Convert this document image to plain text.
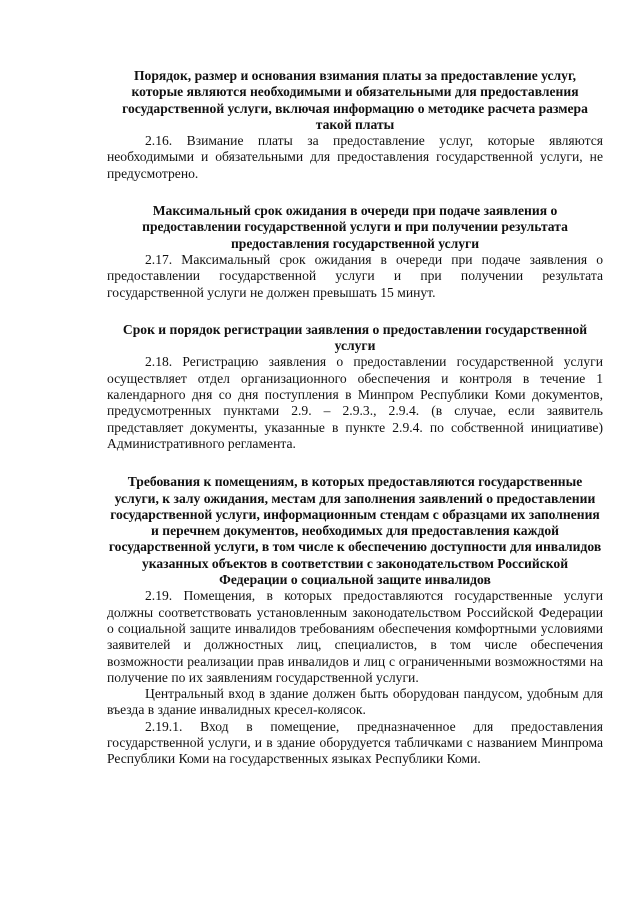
Порядок, размер и основания взимания платы за предоставление услуг, которые являются необходимыми и обязательными для предоставления государственной услуги, включая информацию о методике расчета размера такой платы

2.16. Взимание платы за предоставление услуг, которые являются необходимыми и обязательными для предоставления государственной услуги, не предусмотрено.

Максимальный срок ожидания в очереди при подаче заявления о предоставлении государственной услуги и при получении результата предоставления государственной услуги

2.17. Максимальный срок ожидания в очереди при подаче заявления о предоставлении государственной услуги и при получении результата государственной услуги не должен превышать 15 минут.

Срок и порядок регистрации заявления о предоставлении государственной услуги

2.18. Регистрацию заявления о предоставлении государственной услуги осуществляет отдел организационного обеспечения и контроля в течение 1 календарного дня со дня поступления в Минпром Республики Коми документов, предусмотренных пунктами 2.9. – 2.9.3., 2.9.4. (в случае, если заявитель представляет документы, указанные в пункте 2.9.4. по собственной инициативе) Административного регламента.

Требования к помещениям, в которых предоставляются государственные услуги, к залу ожидания, местам для заполнения заявлений о предоставлении государственной услуги, информационным стендам с образцами их заполнения и перечнем документов, необходимых для предоставления каждой государственной услуги, в том числе к обеспечению доступности для инвалидов указанных объектов в соответствии с законодательством Российской Федерации о социальной защите инвалидов

2.19. Помещения, в которых предоставляются государственные услуги должны соответствовать установленным законодательством Российской Федерации о социальной защите инвалидов требованиям обеспечения комфортными условиями заявителей и должностных лиц, специалистов, в том числе обеспечения возможности реализации прав инвалидов и лиц с ограниченными возможностями на получение по их заявлениям государственной услуги.

Центральный вход в здание должен быть оборудован пандусом, удобным для въезда в здание инвалидных кресел-колясок.

2.19.1. Вход в помещение, предназначенное для предоставления государственной услуги, и в здание оборудуется табличками с названием Минпрома Республики Коми на государственных языках Республики Коми.
